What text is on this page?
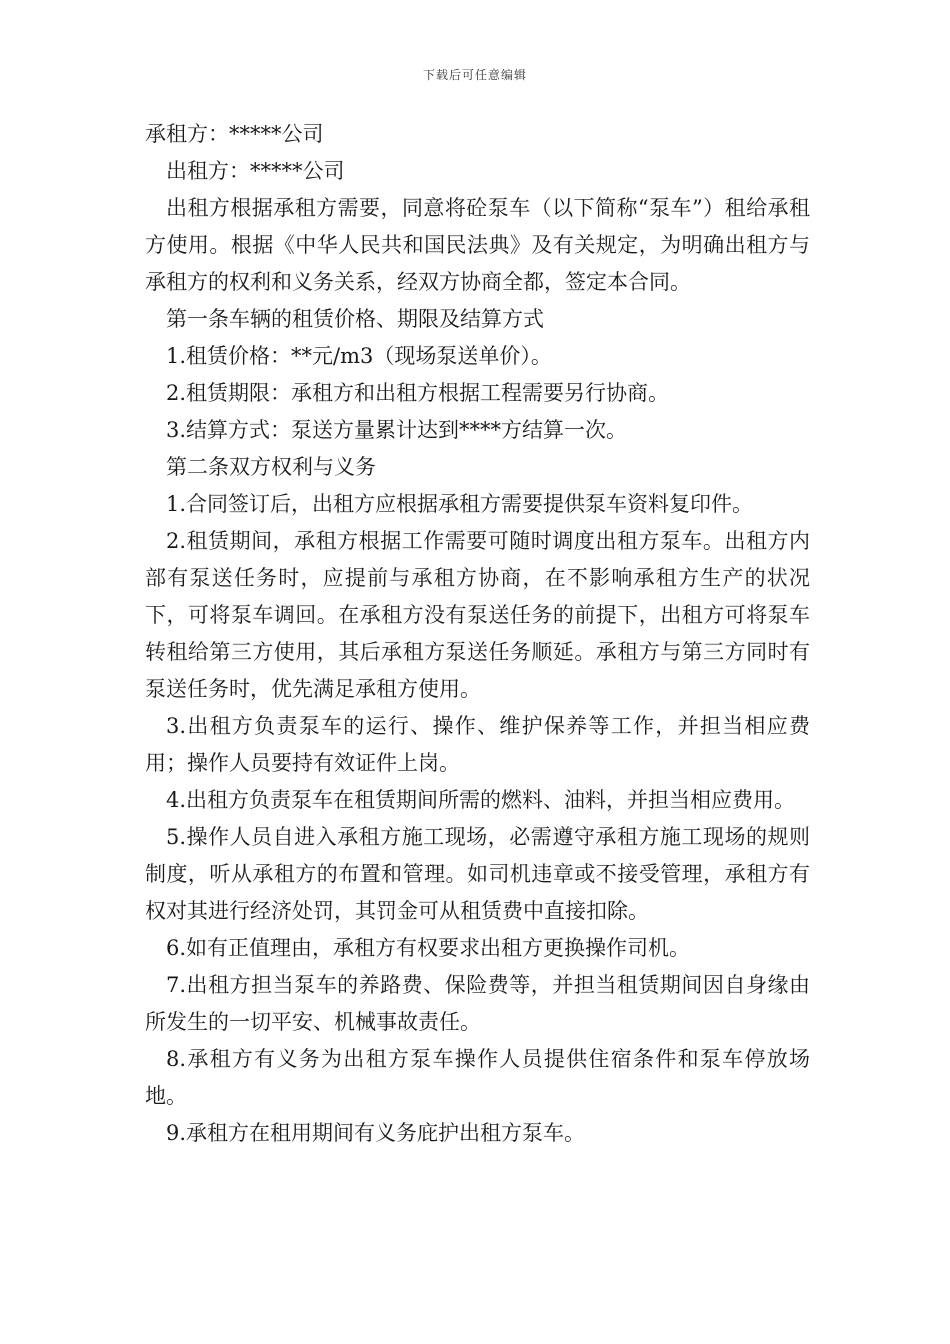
下载后可任意编辑

承租方：*****公司

出租方：*****公司

出租方根据承租方需要，同意将砼泵车（以下简称“泵车”）租给承租方使用。根据《中华人民共和国民法典》及有关规定，为明确出租方与承租方的权利和义务关系，经双方协商全都，签定本合同。

第一条车辆的租赁价格、期限及结算方式

1.租赁价格：**元/m3（现场泵送单价）。

2.租赁期限：承租方和出租方根据工程需要另行协商。

3.结算方式：泵送方量累计达到****方结算一次。

第二条双方权利与义务

1.合同签订后，出租方应根据承租方需要提供泵车资料复印件。

2.租赁期间，承租方根据工作需要可随时调度出租方泵车。出租方内部有泵送任务时，应提前与承租方协商，在不影响承租方生产的状况下，可将泵车调回。在承租方没有泵送任务的前提下，出租方可将泵车转租给第三方使用，其后承租方泵送任务顺延。承租方与第三方同时有泵送任务时，优先满足承租方使用。

3.出租方负责泵车的运行、操作、维护保养等工作，并担当相应费用；操作人员要持有效证件上岗。

4.出租方负责泵车在租赁期间所需的燃料、油料，并担当相应费用。

5.操作人员自进入承租方施工现场，必需遵守承租方施工现场的规则制度，听从承租方的布置和管理。如司机违章或不接受管理，承租方有权对其进行经济处罚，其罚金可从租赁费中直接扣除。

6.如有正值理由，承租方有权要求出租方更换操作司机。

7.出租方担当泵车的养路费、保险费等，并担当租赁期间因自身缘由所发生的一切平安、机械事故责任。

8.承租方有义务为出租方泵车操作人员提供住宿条件和泵车停放场地。

9.承租方在租用期间有义务庇护出租方泵车。
